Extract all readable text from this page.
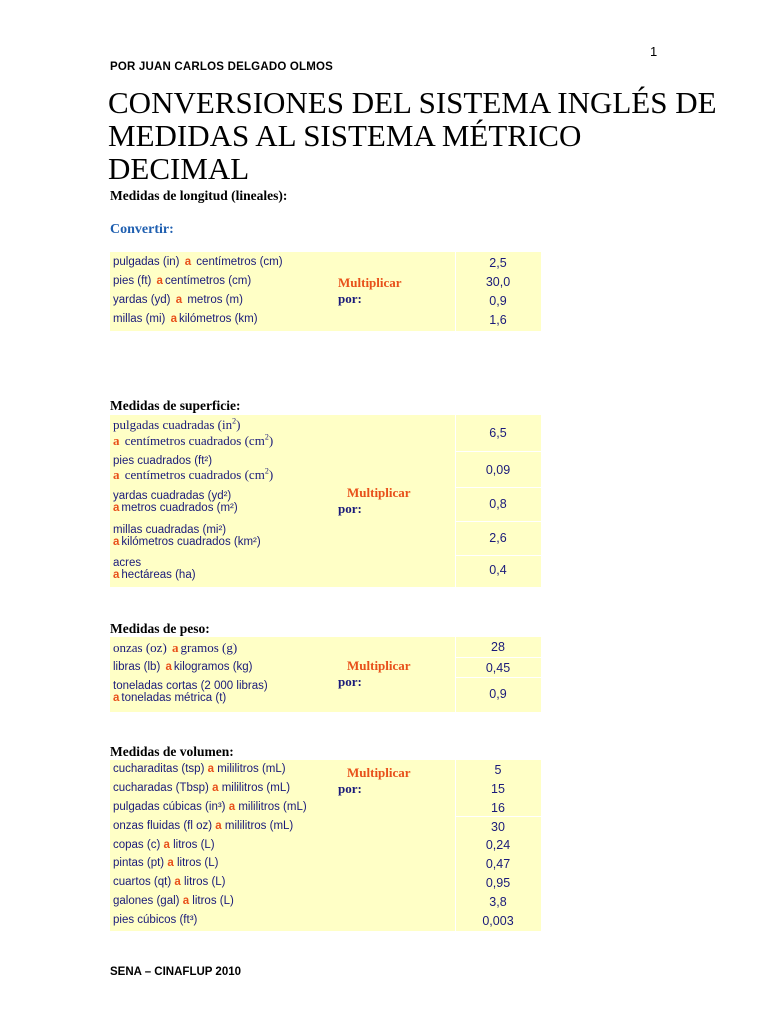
1
POR JUAN CARLOS DELGADO OLMOS
CONVERSIONES DEL SISTEMA INGLÉS DE MEDIDAS AL SISTEMA MÉTRICO DECIMAL
Medidas de longitud (lineales):
Convertir:
pulgadas (in) a centímetros (cm)
pies (ft) a centímetros (cm)
yardas (yd) a metros (m)
millas (mi) a kilómetros (km)
Multiplicar
por:
2,5
30,0
0,9
1,6
Medidas de superficie:
pulgadas cuadradas $(in^2)$
a centímetros cuadrados $(cm^2)$
pies cuadrados (ft²)
a centímetros cuadrados $(cm^2)$
yardas cuadradas (yd²)
a metros cuadrados (m²)
millas cuadradas (mi²)
a kilómetros cuadrados (km²)
acres
a hectáreas (ha)
Multiplicar
por:
6,5
0,09
0,8
2,6
0,4
Medidas de peso:
onzas (oz) a gramos (g)
libras (lb) a kilogramos (kg)
toneladas cortas (2 000 libras)
a toneladas métrica (t)
Multiplicar
por:
28
0,45
0,9
Medidas de volumen:
cucharaditas (tsp) a mililitros (mL)
cucharadas (Tbsp) a mililitros (mL)
pulgadas cúbicas (in³) a mililitros (mL)
onzas fluidas (fl oz) a mililitros (mL)
copas (c) a litros (L)
pintas (pt) a litros (L)
cuartos (qt) a litros (L)
galones (gal) a litros (L)
pies cúbicos (ft³)
Multiplicar
por:
5
15
16
30
0,24
0,47
0,95
3,8
0,003
SENA – CINAFLUP 2010
